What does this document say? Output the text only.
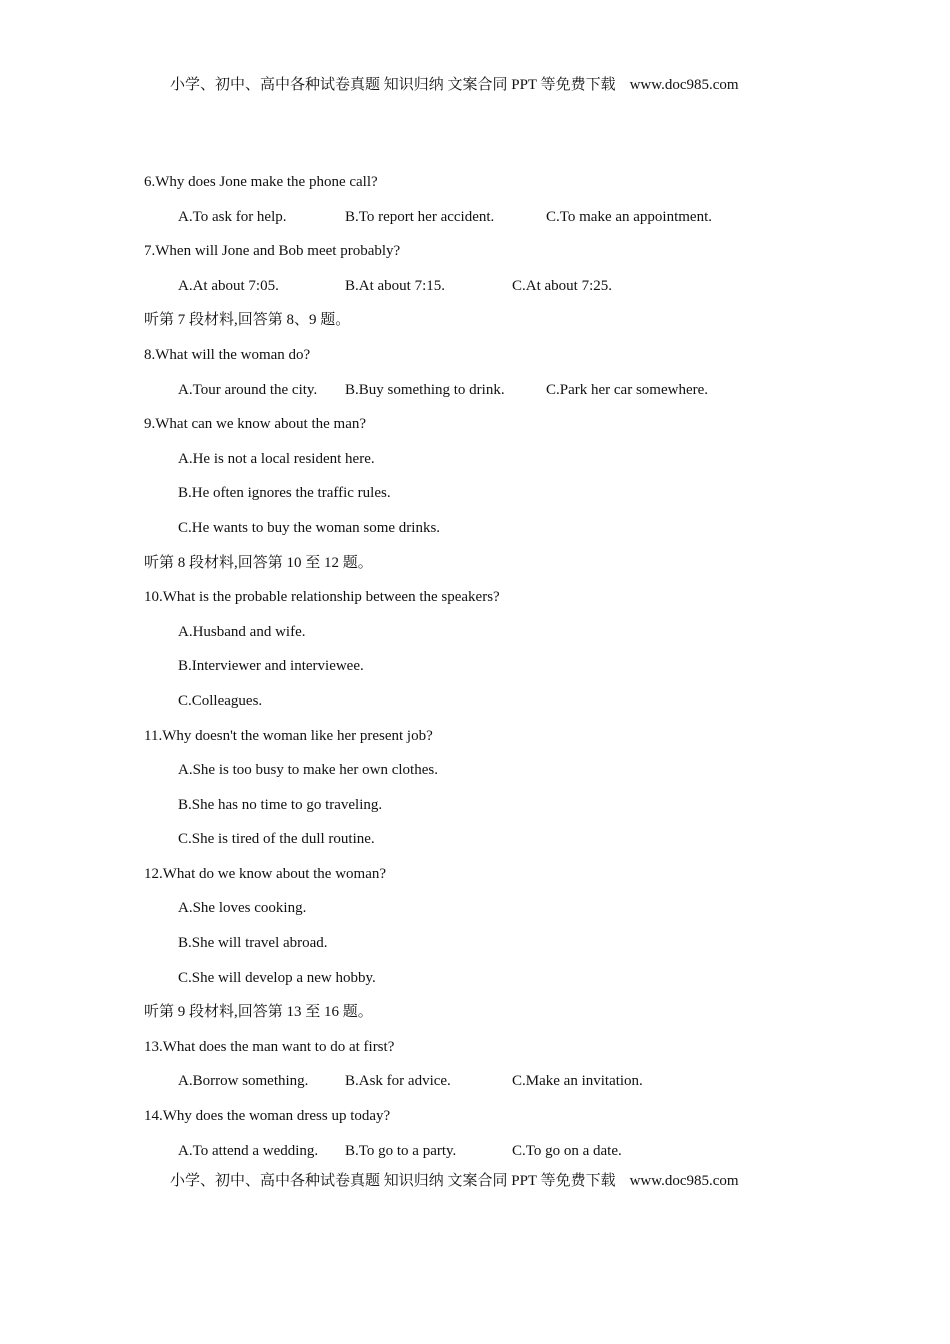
小学、初中、高中各种试卷真题 知识归纳 文案合同 PPT 等免费下载 www.doc985.com
6.Why does Jone make the phone call?
A.To ask for help.	B.To report her accident.	C.To make an appointment.
7.When will Jone and Bob meet probably?
A.At about 7:05.	B.At about 7:15.	C.At about 7:25.
听第 7 段材料,回答第 8、9 题。
8.What will the woman do?
A.Tour around the city. B.Buy something to drink.	C.Park her car somewhere.
9.What can we know about the man?
A.He is not a local resident here.
B.He often ignores the traffic rules.
C.He wants to buy the woman some drinks.
听第 8 段材料,回答第 10 至 12 题。
10.What is the probable relationship between the speakers?
A.Husband and wife.
B.Interviewer and interviewee.
C.Colleagues.
11.Why doesn't the woman like her present job?
A.She is too busy to make her own clothes.
B.She has no time to go traveling.
C.She is tired of the dull routine.
12.What do we know about the woman?
A.She loves cooking.
B.She will travel abroad.
C.She will develop a new hobby.
听第 9 段材料,回答第 13 至 16 题。
13.What does the man want to do at first?
A.Borrow something. B.Ask for advice.	C.Make an invitation.
14.Why does the woman dress up today?
A.To attend a wedding. B.To go to a party.	C.To go on a date.
小学、初中、高中各种试卷真题 知识归纳 文案合同 PPT 等免费下载 www.doc985.com
